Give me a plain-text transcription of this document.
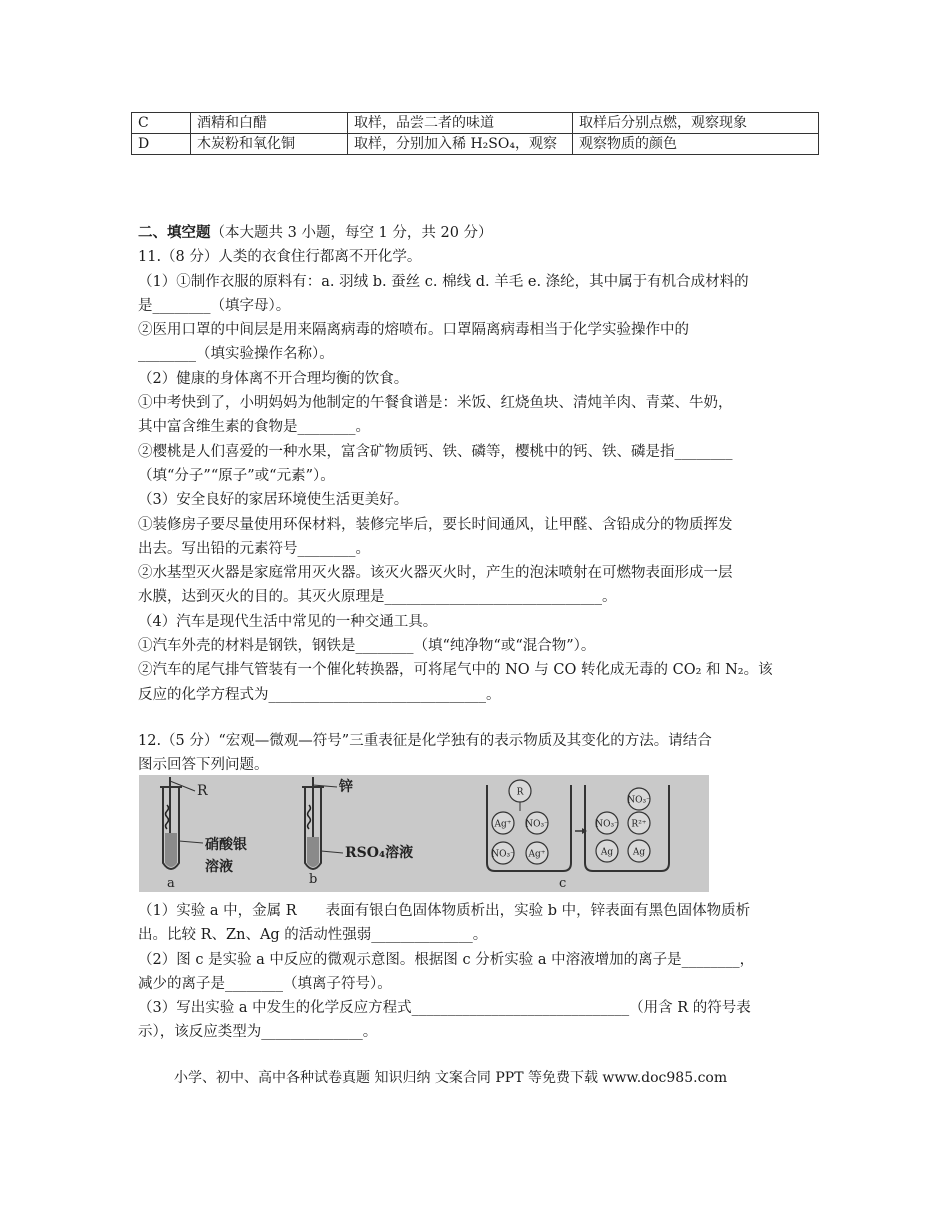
C	酒精和白醋	取样，品尝二者的味道	取样后分别点燃，观察现象
D	木炭粉和氧化铜	取样，分别加入稀 H₂SO₄，观察	观察物质的颜色
二、填空题（本大题共 3 小题，每空 1 分，共 20 分）
11.（8 分）人类的衣食住行都离不开化学。
（1）①制作衣服的原料有：a. 羽绒 b. 蚕丝 c. 棉线 d. 羊毛 e. 涤纶，其中属于有机合成材料的
是________（填字母）。
②医用口罩的中间层是用来隔离病毒的熔喷布。口罩隔离病毒相当于化学实验操作中的
________（填实验操作名称）。
（2）健康的身体离不开合理均衡的饮食。
①中考快到了，小明妈妈为他制定的午餐食谱是：米饭、红烧鱼块、清炖羊肉、青菜、牛奶，
其中富含维生素的食物是________。
②樱桃是人们喜爱的一种水果，富含矿物质钙、铁、磷等，樱桃中的钙、铁、磷是指________
（填“分子”“原子”或“元素”）。
（3）安全良好的家居环境使生活更美好。
①装修房子要尽量使用环保材料，装修完毕后，要长时间通风，让甲醛、含铅成分的物质挥发
出去。写出铅的元素符号________。
②水基型灭火器是家庭常用灭火器。该灭火器灭火时，产生的泡沫喷射在可燃物表面形成一层
水膜，达到灭火的目的。其灭火原理是______________________________。
（4）汽车是现代生活中常见的一种交通工具。
①汽车外壳的材料是钢铁，钢铁是________（填“纯净物“或“混合物”）。
②汽车的尾气排气管装有一个催化转换器，可将尾气中的 NO 与 CO 转化成无毒的 CO₂ 和 N₂。该
反应的化学方程式为______________________________。
12.（5 分）“宏观—微观—符号”三重表征是化学独有的表示物质及其变化的方法。请结合
图示回答下列问题。
R
硝酸银
溶液
a
锌
RSO₄溶液
b
R
Ag⁺ NO₃⁻
NO₃⁻ Ag⁺
NO₃⁻
NO₃⁻ R²⁺
Ag Ag
c
（1）实验 a 中，金属 R　　表面有银白色固体物质析出，实验 b 中，锌表面有黑色固体物质析
出。比较 R、Zn、Ag 的活动性强弱______________。
（2）图 c 是实验 a 中反应的微观示意图。根据图 c 分析实验 a 中溶液增加的离子是________，
减少的离子是________（填离子符号）。
（3）写出实验 a 中发生的化学反应方程式______________________________（用含 R 的符号表
示），该反应类型为______________。
小学、初中、高中各种试卷真题 知识归纳 文案合同 PPT 等免费下载 www.doc985.com
